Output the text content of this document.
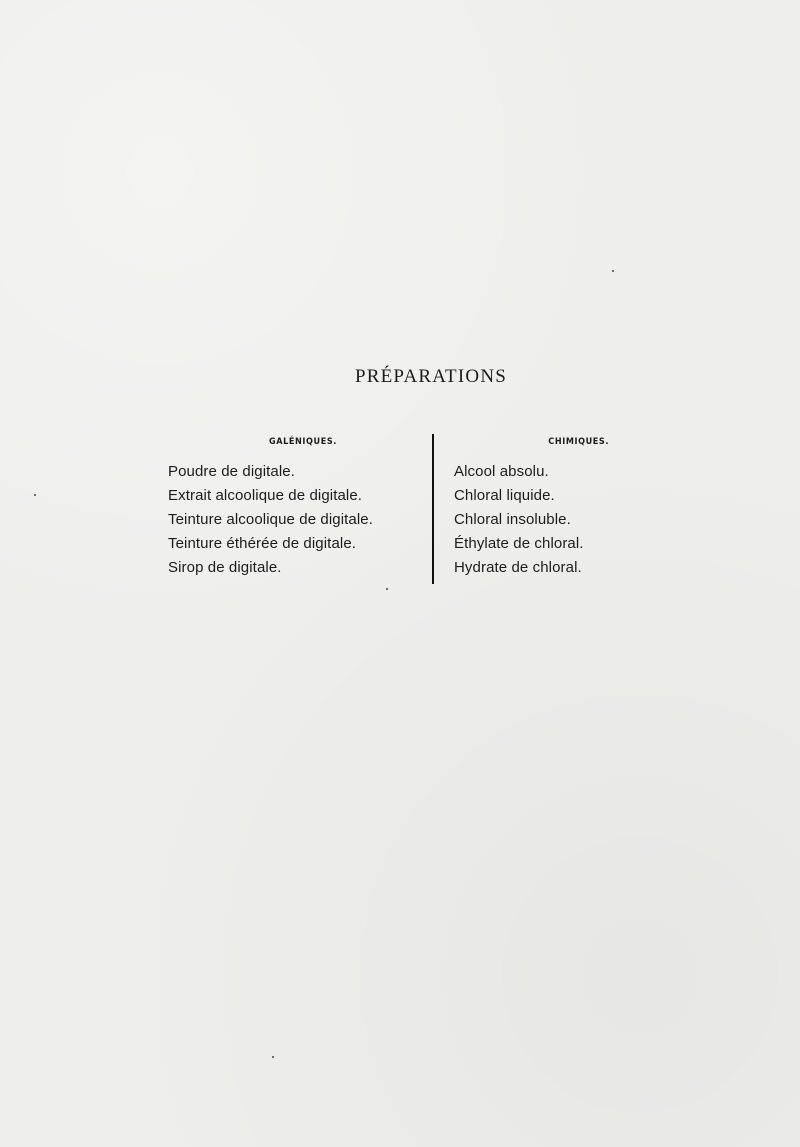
PRÉPARATIONS
GALÉNIQUES.
Poudre de digitale.
Extrait alcoolique de digitale.
Teinture alcoolique de digitale.
Teinture éthérée de digitale.
Sirop de digitale.
CHIMIQUES.
Alcool absolu.
Chloral liquide.
Chloral insoluble.
Éthylate de chloral.
Hydrate de chloral.
